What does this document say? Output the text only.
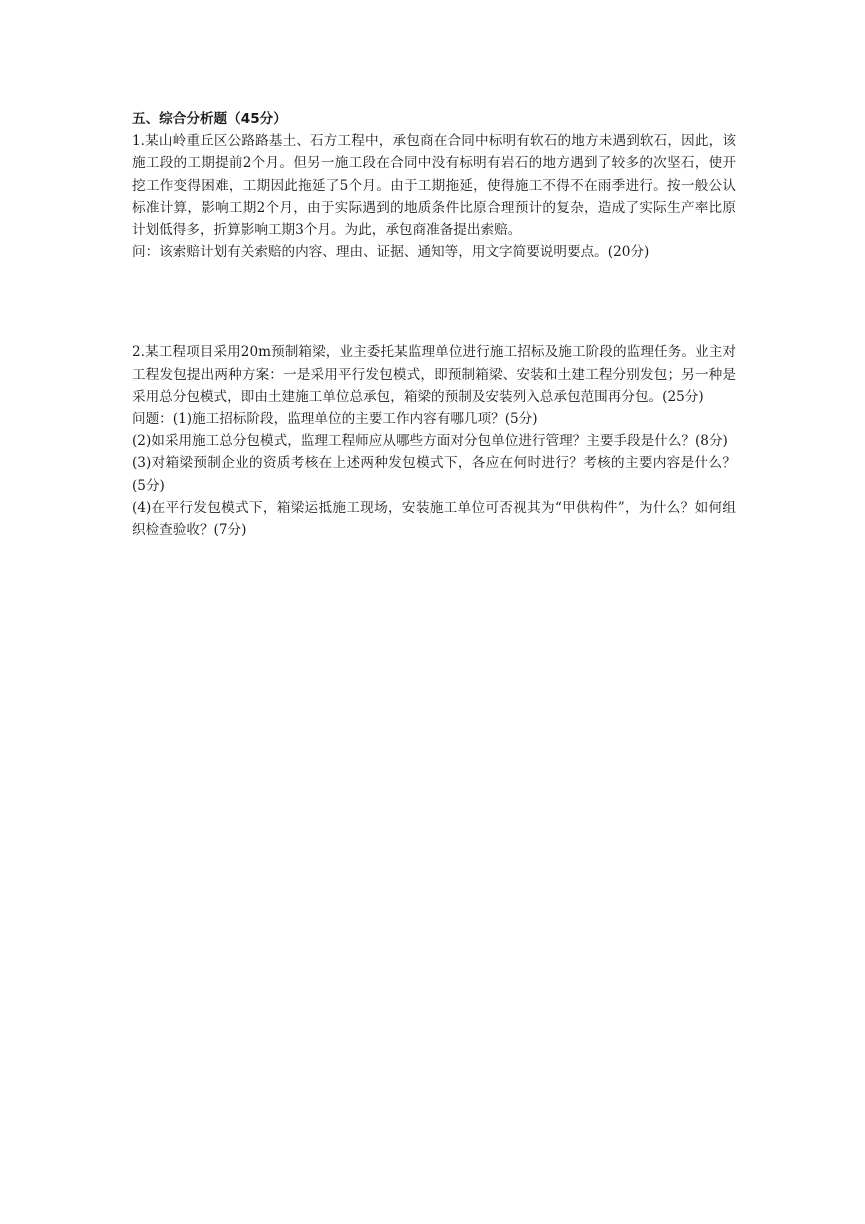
五、综合分析题（45分）

1.某山岭重丘区公路路基土、石方工程中，承包商在合同中标明有软石的地方未遇到软石，因此，该施工段的工期提前2个月。但另一施工段在合同中没有标明有岩石的地方遇到了较多的次坚石，使开挖工作变得困难，工期因此拖延了5个月。由于工期拖延，使得施工不得不在雨季进行。按一般公认标准计算，影响工期2个月，由于实际遇到的地质条件比原合理预计的复杂，造成了实际生产率比原计划低得多，折算影响工期3个月。为此，承包商准备提出索赔。

问：该索赔计划有关索赔的内容、理由、证据、通知等，用文字简要说明要点。(20分)

2.某工程项目采用20m预制箱梁，业主委托某监理单位进行施工招标及施工阶段的监理任务。业主对工程发包提出两种方案：一是采用平行发包模式，即预制箱梁、安装和土建工程分别发包；另一种是采用总分包模式，即由土建施工单位总承包，箱梁的预制及安装列入总承包范围再分包。(25分)

问题：(1)施工招标阶段，监理单位的主要工作内容有哪几项？(5分)

(2)如采用施工总分包模式，监理工程师应从哪些方面对分包单位进行管理？主要手段是什么？(8分)

(3)对箱梁预制企业的资质考核在上述两种发包模式下，各应在何时进行？考核的主要内容是什么？(5分)

(4)在平行发包模式下，箱梁运抵施工现场，安装施工单位可否视其为“甲供构件”，为什么？如何组织检查验收？(7分)
